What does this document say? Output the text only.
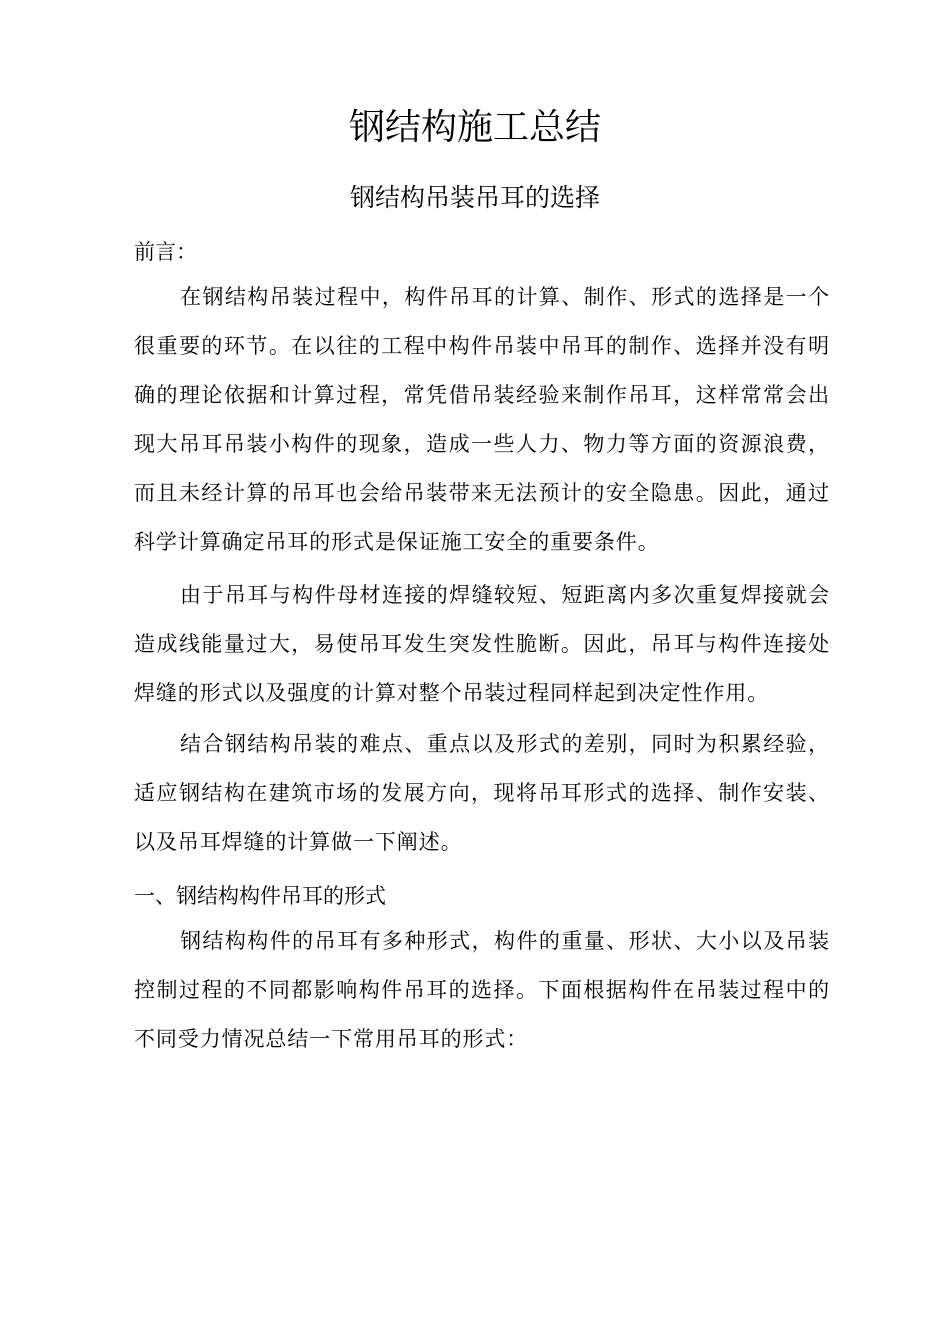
钢结构施工总结
钢结构吊装吊耳的选择
前言：

在钢结构吊装过程中，构件吊耳的计算、制作、形式的选择是一个很重要的环节。在以往的工程中构件吊装中吊耳的制作、选择并没有明确的理论依据和计算过程，常凭借吊装经验来制作吊耳，这样常常会出现大吊耳吊装小构件的现象，造成一些人力、物力等方面的资源浪费，而且未经计算的吊耳也会给吊装带来无法预计的安全隐患。因此，通过科学计算确定吊耳的形式是保证施工安全的重要条件。

由于吊耳与构件母材连接的焊缝较短、短距离内多次重复焊接就会造成线能量过大，易使吊耳发生突发性脆断。因此，吊耳与构件连接处焊缝的形式以及强度的计算对整个吊装过程同样起到决定性作用。

结合钢结构吊装的难点、重点以及形式的差别，同时为积累经验，适应钢结构在建筑市场的发展方向，现将吊耳形式的选择、制作安装、以及吊耳焊缝的计算做一下阐述。

一、钢结构构件吊耳的形式

钢结构构件的吊耳有多种形式，构件的重量、形状、大小以及吊装控制过程的不同都影响构件吊耳的选择。下面根据构件在吊装过程中的不同受力情况总结一下常用吊耳的形式：
